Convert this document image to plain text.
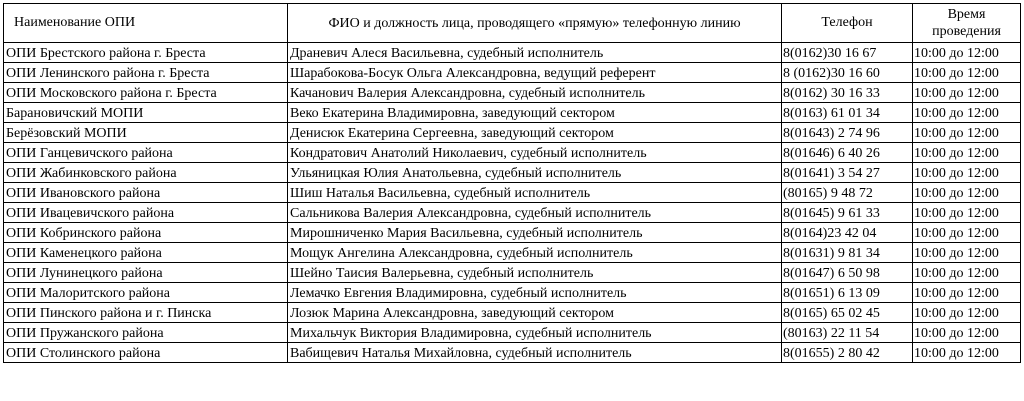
Наименование ОПИ	ФИО и должность лица, проводящего «прямую» телефонную линию	Телефон	Время проведения
ОПИ Брестского района г. Бреста	Драневич Алеся Васильевна, судебный исполнитель	8(0162)30 16 67	10:00 до 12:00
ОПИ Ленинского района г. Бреста	Шарабокова-Босук Ольга Александровна, ведущий референт	8 (0162)30 16 60	10:00 до 12:00
ОПИ Московского района г. Бреста	Качанович Валерия Александровна, судебный исполнитель	8(0162) 30 16 33	10:00 до 12:00
Барановичский МОПИ	Веко Екатерина Владимировна, заведующий сектором	8(0163) 61 01 34	10:00 до 12:00
Берёзовский МОПИ	Денисюк Екатерина Сергеевна, заведующий сектором	8(01643) 2 74 96	10:00 до 12:00
ОПИ Ганцевичского района	Кондратович Анатолий Николаевич, судебный исполнитель	8(01646) 6 40 26	10:00 до 12:00
ОПИ Жабинковского района	Ульяницкая Юлия Анатольевна, судебный исполнитель	8(01641) 3 54 27	10:00 до 12:00
ОПИ Ивановского района	Шиш Наталья Васильевна, судебный исполнитель	(80165) 9 48 72	10:00 до 12:00
ОПИ Ивацевичского района	Сальникова Валерия Александровна, судебный исполнитель	8(01645) 9 61 33	10:00 до 12:00
ОПИ Кобринского района	Мирошниченко Мария Васильевна, судебный исполнитель	8(0164)23 42 04	10:00 до 12:00
ОПИ Каменецкого района	Мощук Ангелина Александровна, судебный исполнитель	8(01631) 9 81 34	10:00 до 12:00
ОПИ Лунинецкого района	Шейно Таисия Валерьевна, судебный исполнитель	8(01647) 6 50 98	10:00 до 12:00
ОПИ Малоритского района	Лемачко Евгения Владимировна, судебный исполнитель	8(01651) 6 13 09	10:00 до 12:00
ОПИ Пинского района и г. Пинска	Лозюк Марина Александровна, заведующий сектором	8(0165) 65 02 45	10:00 до 12:00
ОПИ Пружанского района	Михальчук Виктория Владимировна, судебный исполнитель	(80163) 22 11 54	10:00 до 12:00
ОПИ Столинского района	Вабищевич Наталья Михайловна, судебный исполнитель	8(01655) 2 80 42	10:00 до 12:00
